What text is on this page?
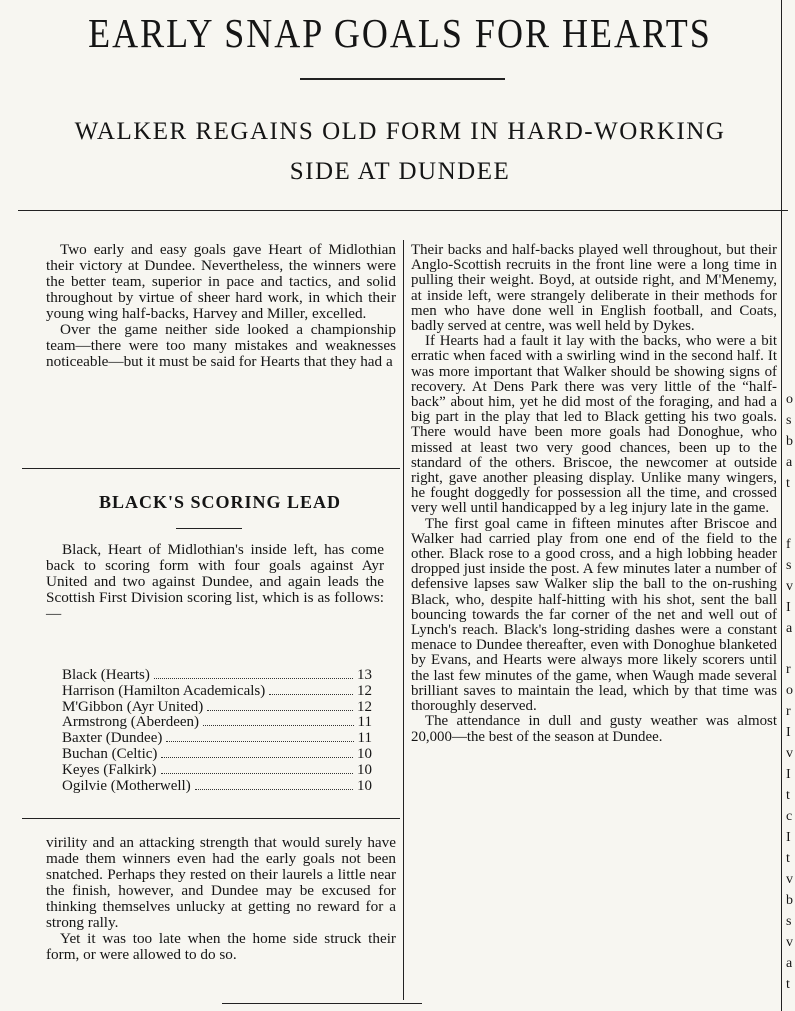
EARLY SNAP GOALS FOR HEARTS
WALKER REGAINS OLD FORM IN HARD-WORKING
SIDE AT DUNDEE

Two early and easy goals gave Heart of Midlothian their victory at Dundee. Nevertheless, the winners were the better team, superior in pace and tactics, and solid throughout by virtue of sheer hard work, in which their young wing half-backs, Harvey and Miller, excelled.

Over the game neither side looked a championship team—there were too many mistakes and weaknesses noticeable—but it must be said for Hearts that they had a

BLACK'S SCORING LEAD

Black, Heart of Midlothian's inside left, has come back to scoring form with four goals against Ayr United and two against Dundee, and again leads the Scottish First Division scoring list, which is as follows:—

Black (Hearts)	13
Harrison (Hamilton Academicals)	12
M'Gibbon (Ayr United)	12
Armstrong (Aberdeen)	11
Baxter (Dundee)	11
Buchan (Celtic)	10
Keyes (Falkirk)	10
Ogilvie (Motherwell)	10

virility and an attacking strength that would surely have made them winners even had the early goals not been snatched. Perhaps they rested on their laurels a little near the finish, however, and Dundee may be excused for thinking themselves unlucky at getting no reward for a strong rally.

Yet it was too late when the home side struck their form, or were allowed to do so.

Their backs and half-backs played well throughout, but their Anglo-Scottish recruits in the front line were a long time in pulling their weight. Boyd, at outside right, and M'Menemy, at inside left, were strangely deliberate in their methods for men who have done well in English football, and Coats, badly served at centre, was well held by Dykes.

If Hearts had a fault it lay with the backs, who were a bit erratic when faced with a swirling wind in the second half. It was more important that Walker should be showing signs of recovery. At Dens Park there was very little of the “half-back” about him, yet he did most of the foraging, and had a big part in the play that led to Black getting his two goals. There would have been more goals had Donoghue, who missed at least two very good chances, been up to the standard of the others. Briscoe, the newcomer at outside right, gave another pleasing display. Unlike many wingers, he fought doggedly for possession all the time, and crossed very well until handicapped by a leg injury late in the game.

The first goal came in fifteen minutes after Briscoe and Walker had carried play from one end of the field to the other. Black rose to a good cross, and a high lobbing header dropped just inside the post. A few minutes later a number of defensive lapses saw Walker slip the ball to the on-rushing Black, who, despite half-hitting with his shot, sent the ball bouncing towards the far corner of the net and well out of Lynch's reach. Black's long-striding dashes were a constant menace to Dundee thereafter, even with Donoghue blanketed by Evans, and Hearts were always more likely scorers until the last few minutes of the game, when Waugh made several brilliant saves to maintain the lead, which by that time was thoroughly deserved.

The attendance in dull and gusty weather was almost 20,000—the best of the season at Dundee.

o
s
b
a
t
f
s
v
I
a
r
o
r
I
v
I
t
c
I
t
v
b
s
v
a
t
